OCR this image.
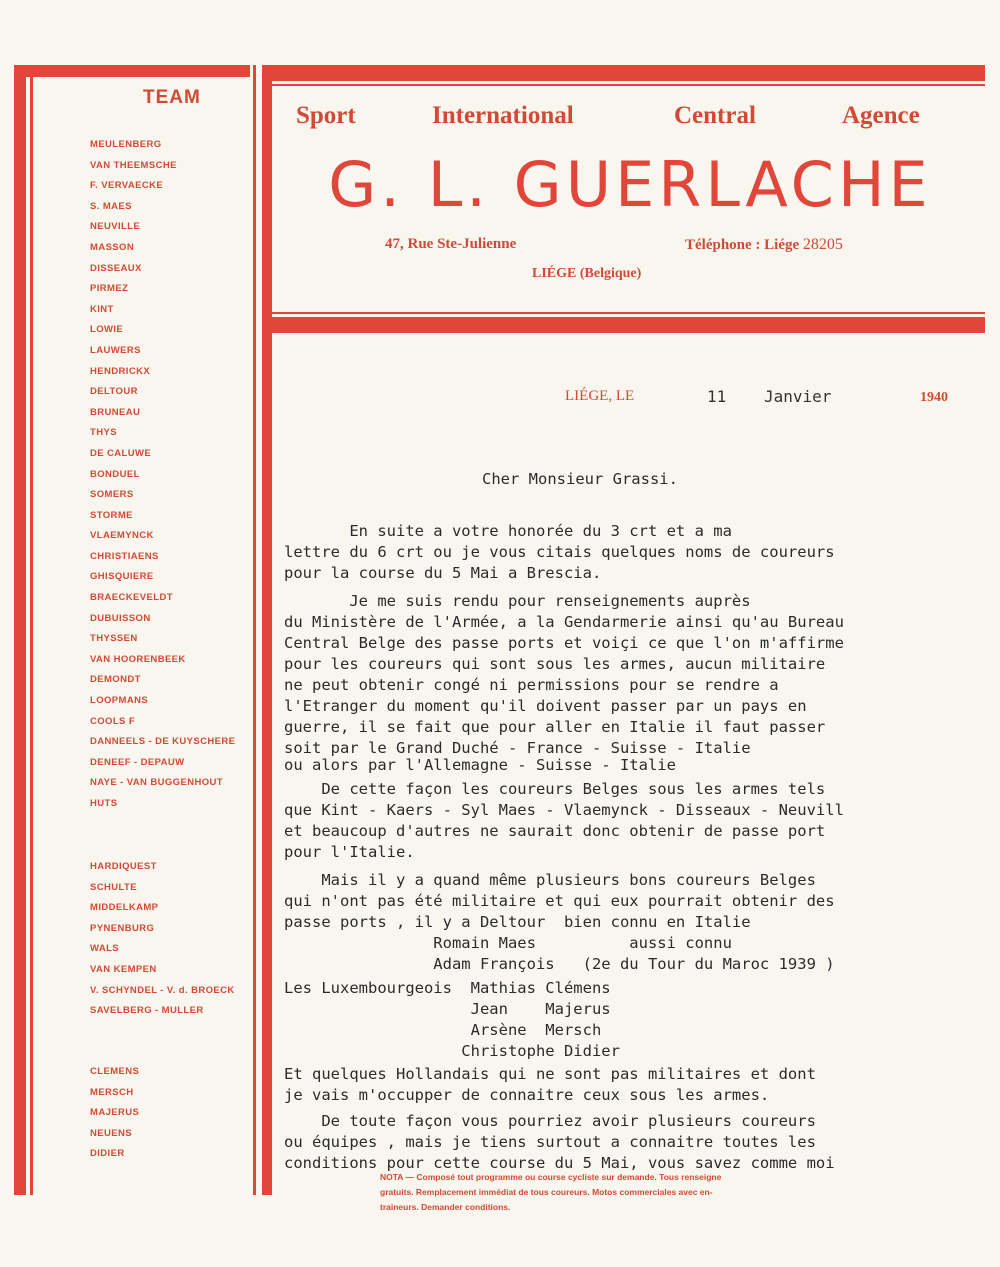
TEAM
MEULENBERG
VAN THEEMSCHE
F. VERVAECKE
S. MAES
NEUVILLE
MASSON
DISSEAUX
PIRMEZ
KINT
LOWIE
LAUWERS
HENDRICKX
DELTOUR
BRUNEAU
THYS
DE CALUWE
BONDUEL
SOMERS
STORME
VLAEMYNCK
CHRISTIAENS
GHISQUIERE
BRAECKEVELDT
DUBUISSON
THYSSEN
VAN HOORENBEEK
DEMONDT
LOOPMANS
COOLS F
DANNEELS - DE KUYSCHERE
DENEEF - DEPAUW
NAYE - VAN BUGGENHOUT
HUTS
HARDIQUEST
SCHULTE
MIDDELKAMP
PYNENBURG
WALS
VAN KEMPEN
V. SCHYNDEL - V. d. BROECK
SAVELBERG - MULLER
CLEMENS
MERSCH
MAJERUS
NEUENS
DIDIER
Sport	International	Central	Agence
G. L. GUERLACHE
47, Rue Ste-Julienne	Téléphone : Liége 28205
LIÉGE (Belgique)
LIÉGE, LE	11 Janvier	1940
Cher Monsieur Grassi.
En suite a votre honorée du 3 crt et a ma
lettre du 6 crt ou je vous citais quelques noms de coureurs
pour la course du 5 Mai a Brescia.
Je me suis rendu pour renseignements auprès
du Ministère de l'Armée, a la Gendarmerie ainsi qu'au Bureau
Central Belge des passe ports et voiçi ce que l'on m'affirme
pour les coureurs qui sont sous les armes, aucun militaire
ne peut obtenir congé ni permissions pour se rendre a
l'Etranger du moment qu'il doivent passer par un pays en
guerre, il se fait que pour aller en Italie il faut passer
soit par le Grand Duché - France - Suisse - Italie
ou alors par l'Allemagne - Suisse - Italie
De cette façon les coureurs Belges sous les armes tels
que Kint - Kaers - Syl Maes - Vlaemynck - Disseaux - Neuvill
et beaucoup d'autres ne saurait donc obtenir de passe port
pour l'Italie.
Mais il y a quand même plusieurs bons coureurs Belges
qui n'ont pas été militaire et qui eux pourrait obtenir des
passe ports , il y a Deltour  bien connu en Italie
Romain Maes          aussi connu
Adam François   (2e du Tour du Maroc 1939 )
Les Luxembourgeois  Mathias Clémens
Jean    Majerus
Arsène  Mersch
Christophe Didier
Et quelques Hollandais qui ne sont pas militaires et dont
je vais m'occupper de connaitre ceux sous les armes.
De toute façon vous pourriez avoir plusieurs coureurs
ou équipes , mais je tiens surtout a connaitre toutes les
conditions pour cette course du 5 Mai, vous savez comme moi
NOTA — Composé tout programme ou course cycliste sur demande. Tous renseigne
gratuits. Remplacement immédiat de tous coureurs. Motos commerciales avec en-
traineurs. Demander conditions.
